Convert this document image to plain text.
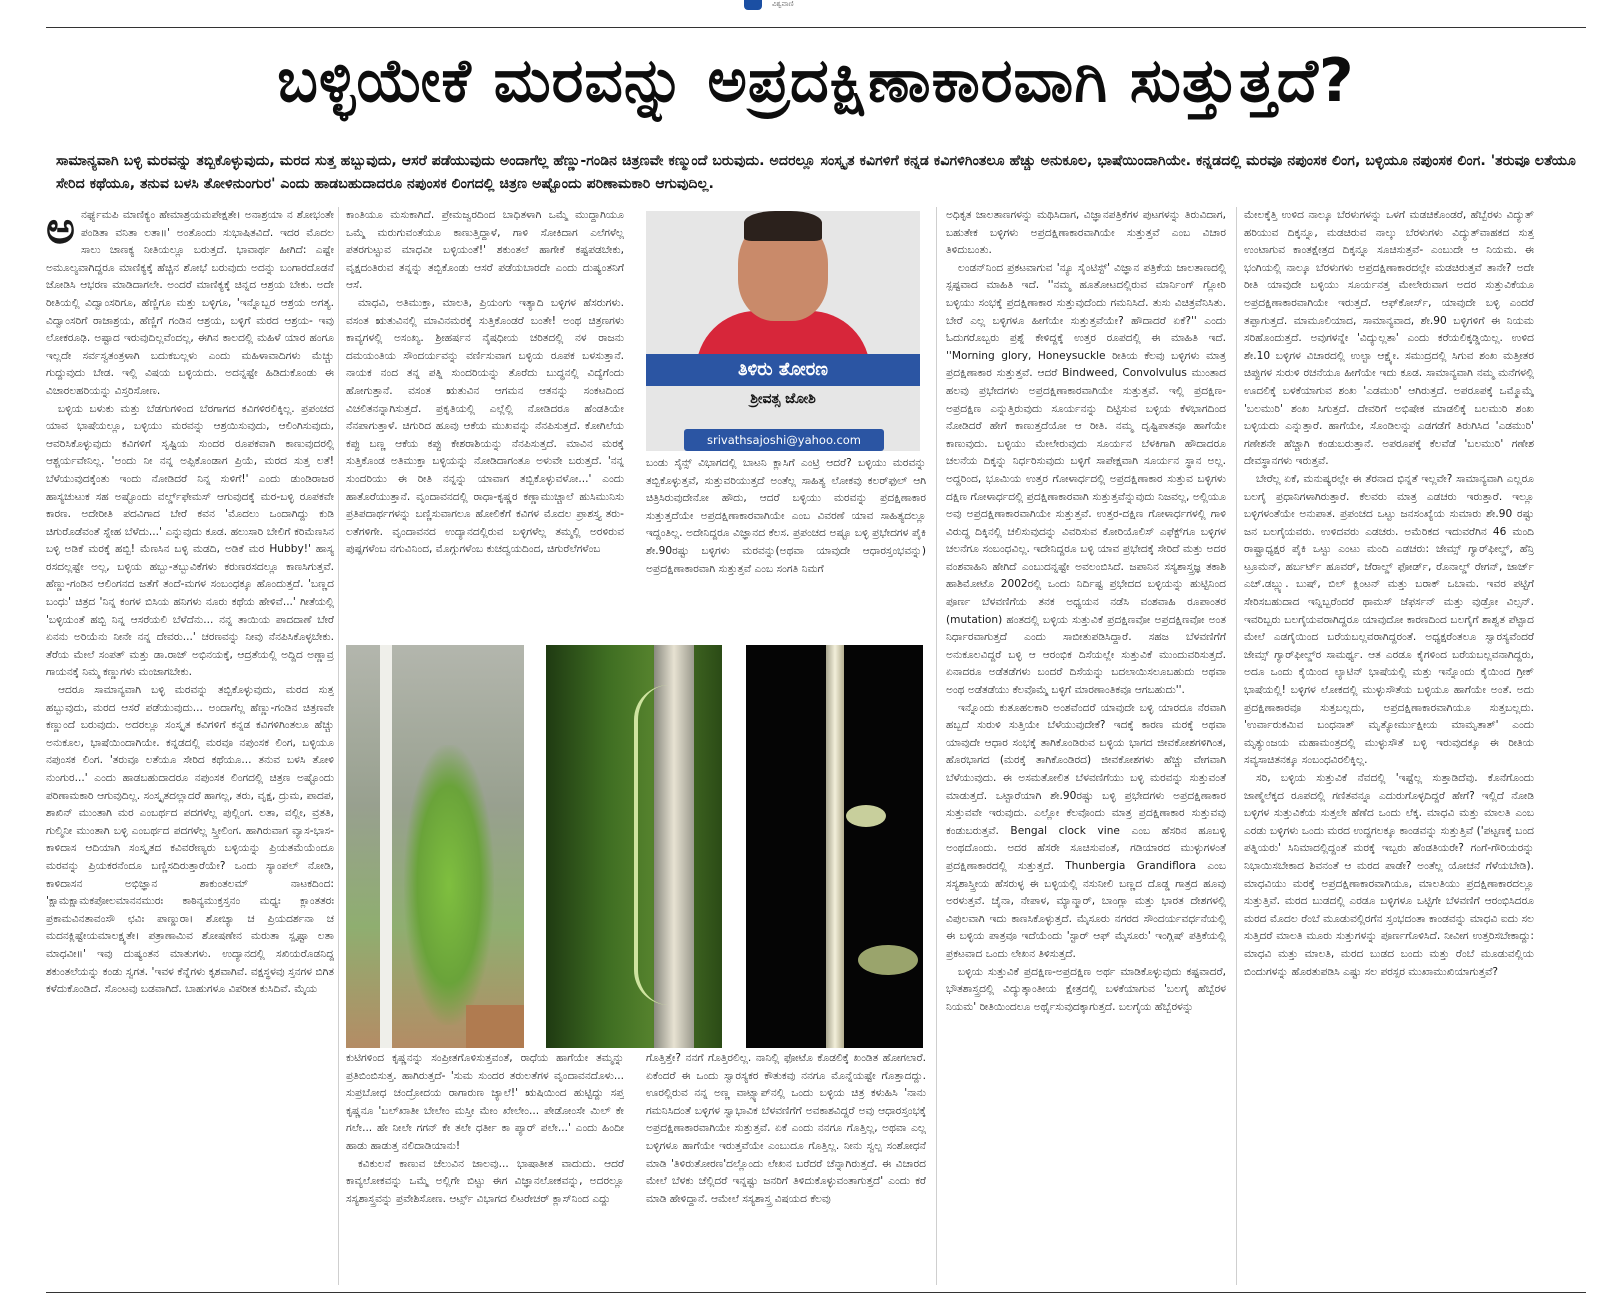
ವಿಶ್ವವಾಣಿ
ಬಳ್ಳಿಯೇಕೆ ಮರವನ್ನು ಅಪ್ರದಕ್ಷಿಣಾಕಾರವಾಗಿ ಸುತ್ತುತ್ತದೆ?
ಸಾಮಾನ್ಯವಾಗಿ ಬಳ್ಳಿ ಮರವನ್ನು ತಬ್ಬಿಕೊಳ್ಳುವುದು, ಮರದ ಸುತ್ತ ಹಬ್ಬುವುದು, ಆಸರೆ ಪಡೆಯುವುದು ಅಂದಾಗೆಲ್ಲ ಹೆಣ್ಣು-ಗಂಡಿನ ಚಿತ್ರಣವೇ ಕಣ್ಮುಂದೆ ಬರುವುದು. ಅದರಲ್ಲೂ ಸಂಸ್ಕೃತ ಕವಿಗಳಿಗೆ ಕನ್ನಡ ಕವಿಗಳಿಗಿಂತಲೂ ಹೆಚ್ಚು ಅನುಕೂಲ, ಭಾಷೆಯಿಂದಾಗಿಯೇ. ಕನ್ನಡದಲ್ಲಿ ಮರವೂ ನಪುಂಸಕ ಲಿಂಗ, ಬಳ್ಳಿಯೂ ನಪುಂಸಕ ಲಿಂಗ. 'ತರುವೂ ಲತೆಯೂ ಸೇರಿದ ಕಥೆಯೂ, ತನುವ ಬಳಸಿ ತೋಳಿನುಂಗುರ' ಎಂದು ಹಾಡಬಹುದಾದರೂ ನಪುಂಸಕ ಲಿಂಗದಲ್ಲಿ ಚಿತ್ರಣ ಅಷ್ಟೊಂದು ಪರಿಣಾಮಕಾರಿ ಆಗುವುದಿಲ್ಲ.

ಅನರ್ಘ್ಯಮಪಿ ಮಾಣಿಕ್ಯಂ ಹೇಮಾಶ್ರಯಮಪೇಕ್ಷತೇ। ಅನಾಶ್ರಯಾ ನ ಶೋಭಂತೇ ಪಂಡಿತಾ ವನಿತಾ ಲತಾ॥' ಅಂತೊಂದು ಸುಭಾಷಿತವಿದೆ. ಇದರ ಮೊದಲ ಸಾಲು ಚಾಣಕ್ಯ ನೀತಿಯಲ್ಲೂ ಬರುತ್ತದೆ. ಭಾವಾರ್ಥ ಹೀಗಿದೆ: ಎಷ್ಟೇ ಅಮೂಲ್ಯವಾಗಿದ್ದರೂ ಮಾಣಿಕ್ಯಕ್ಕೆ ಹೆಚ್ಚಿನ ಶೋಭೆ ಬರುವುದು ಅದನ್ನು ಬಂಗಾರದೊಡನೆ ಜೋಡಿಸಿ ಆಭರಣ ಮಾಡಿದಾಗಲೇ. ಅಂದರೆ ಮಾಣಿಕ್ಯಕ್ಕೆ ಚಿನ್ನದ ಆಶ್ರಯ ಬೇಕು. ಅದೇ ರೀತಿಯಲ್ಲಿ ವಿದ್ವಾಂಸರಿಗೂ, ಹೆಣ್ಣಿಗೂ ಮತ್ತು ಬಳ್ಳಿಗೂ, 'ಇನ್ನೊಬ್ಬರ ಆಶ್ರಯ ಅಗತ್ಯ. ವಿದ್ವಾಂಸರಿಗೆ ರಾಜಾಶ್ರಯ, ಹೆಣ್ಣಿಗೆ ಗಂಡಿನ ಆಶ್ರಯ, ಬಳ್ಳಿಗೆ ಮರದ ಆಶ್ರಯ- ಇವು ಲೋಕರೂಢಿ. ಅಷ್ಟಾದ ಇರುವುದಿಲ್ಲವೆಂದಲ್ಲ, ಈಗಿನ ಕಾಲದಲ್ಲಿ ಮಹಿಳೆ ಯಾರ ಹಂಗೂ ಇಲ್ಲದೇ ಸರ್ವಸ್ವತಂತ್ರಳಾಗಿ ಬದುಕಬಲ್ಲಳು ಎಂದು ಮಹಿಳಾವಾದಿಗಳು ಮೆಚ್ಚು ಗುದ್ದುವುದು ಬೇಡ. ಇಲ್ಲಿ ವಿಷಯ ಬಳ್ಳಿಯದು. ಅದನ್ನಷ್ಟೇ ಹಿಡಿದುಕೊಂಡು ಈ ವಿಚಾರಲಹರಿಯನ್ನು ವಿಸ್ತರಿಸೋಣ.

ಬಳ್ಳಿಯ ಬಳುಕು ಮತ್ತು ಬೆಡಗುಗಳಿಂದ ಬೆರಗಾಗದ ಕವಿಗಳಿರಲಿಕ್ಕಿಲ್ಲ. ಪ್ರಪಂಚದ ಯಾವ ಭಾಷೆಯಲ್ಲೂ, ಬಳ್ಳಿಯು ಮರವನ್ನು ಆಶ್ರಯಿಸುವುದು, ಆಲಿಂಗಿಸುವುದು, ಆವರಿಸಿಕೊಳ್ಳುವುದು ಕವಿಗಳಿಗೆ ಸೃಷ್ಟಿಯ ಸುಂದರ ರೂಪಕವಾಗಿ ಕಾಣುವುದರಲ್ಲಿ ಆಶ್ಚರ್ಯವೇನಿಲ್ಲ. 'ಅಂದು ನೀ ನನ್ನ ಅಪ್ಪಿಕೊಂಡಾಗ ಪ್ರಿಯೆ, ಮರದ ಸುತ್ತ ಲತೆ! ಬೆಳೆಯುವುದಕ್ಕೆಂತು ಇಂದು ನೋಡಿದರೆ ನಿನ್ನ ಸುಳಿಗೆ!' ಎಂದು ಡುಂಡಿರಾಜರ ಹಾಸ್ಯಚುಟುಕ ಸಹ ಅಷ್ಟೊಂದು ವರ್ಲ್ಡ್‌ಫೇಮಸ್ ಆಗುವುದಕ್ಕೆ ಮರ-ಬಳ್ಳಿ ರೂಪಕವೇ ಕಾರಣ. ಅದೇರೀತಿ ಪದವಿಗಾದ ಬೇರೆ ಕವನ 'ಮೊದಲು ಒಂದಾಗಿದ್ದು ಕುಡಿ ಚಿಗುರೊಡೆವಂತೆ ಸ್ನೇಹ ಬೆಳೆದು...' ಎನ್ನುವುದು ಕೂಡ. ಹಲುಸಾರಿ ಬೇಲಿಗೆ ಕರಿಮೆಣಸಿನ ಬಳ್ಳಿ ಅಡಿಕೆ ಮರಕ್ಕೆ ಹಬ್ಬಿ! ಮೆಣಸಿನ ಬಳ್ಳಿ ಮಡದಿ, ಅಡಿಕೆ ಮರ Hubby!' ಹಾಸ್ಯ ರಸದಲ್ಲಷ್ಟೇ ಅಲ್ಲ, ಬಳ್ಳಿಯ ಹಬ್ಬು-ತಬ್ಬುವಿಕೆಗಳು ಕರುಣರಸದಲ್ಲೂ ಕಾಣಸಿಗುತ್ತವೆ. ಹೆಣ್ಣು-ಗಂಡಿನ ಆಲಿಂಗನದ ಜತೆಗೆ ತಂದೆ-ಮಗಳ ಸಂಬಂಧಕ್ಕೂ ಹೊಂದುತ್ತದೆ. 'ಬಣ್ಣದ ಬಂಧು' ಚಿತ್ರದ 'ನಿನ್ನ ಕಂಗಳ ಬಿಸಿಯ ಹನಿಗಳು ನೂರು ಕಥೆಯ ಹೇಳಿವೆ...' ಗೀತೆಯಲ್ಲಿ 'ಬಳ್ಳಿಯಂತೆ ಹಬ್ಬಿ ನಿನ್ನ ಆಸರೆಯಲಿ ಬೆಳೆದೆನು... ನನ್ನ ತಾಯಿಯ ಪಾದದಾಣೆ ಬೇರೆ ಏನನು ಅರಿಯೆನು ನೀನೇ ನನ್ನ ದೇವರು...' ಚರಣವನ್ನು ನೀವು ನೆನಪಿಸಿಕೊಳ್ಳಬೇಕು. ತೆರೆಯ ಮೇಲೆ ಸಂಪತ್ ಮತ್ತು ಡಾ.ರಾಜ್ ಅಭಿನಯಕ್ಕೆ, ಆದ್ರತೆಯಲ್ಲಿ ಅದ್ದಿದ ಅಣ್ಣಾವ್ರ ಗಾಯನಕ್ಕೆ ನಿಮ್ಮ ಕಣ್ಣುಗಳು ಮಂಜಾಗಬೇಕು.

ಆದರೂ ಸಾಮಾನ್ಯವಾಗಿ ಬಳ್ಳಿ ಮರವನ್ನು ತಬ್ಬಿಕೊಳ್ಳುವುದು, ಮರದ ಸುತ್ತ ಹಬ್ಬುವುದು, ಮರದ ಆಸರೆ ಪಡೆಯುವುದು... ಅಂದಾಗೆಲ್ಲ ಹೆಣ್ಣು-ಗಂಡಿನ ಚಿತ್ರಣವೇ ಕಣ್ಣುಂದೆ ಬರುವುದು. ಅದರಲ್ಲೂ ಸಂಸ್ಕೃತ ಕವಿಗಳಿಗೆ ಕನ್ನಡ ಕವಿಗಳಿಗಿಂತಲೂ ಹೆಚ್ಚು ಅನುಕೂಲ, ಭಾಷೆಯಿಂದಾಗಿಯೇ. ಕನ್ನಡದಲ್ಲಿ ಮರವೂ ನಪುಂಸಕ ಲಿಂಗ, ಬಳ್ಳಿಯೂ ನಪುಂಸಕ ಲಿಂಗ. 'ತರುವೂ ಲತೆಯೂ ಸೇರಿದ ಕಥೆಯೂ... ತನುವ ಬಳಸಿ ತೋಳಿ ನುಂಗುರ...' ಎಂದು ಹಾಡಬಹುದಾದರೂ ನಪುಂಸಕ ಲಿಂಗದಲ್ಲಿ ಚಿತ್ರಣ ಅಷ್ಟೊಂದು ಪರಿಣಾಮಕಾರಿ ಆಗುವುದಿಲ್ಲ. ಸಂಸ್ಕೃತದಲ್ಲಾದರೆ ಹಾಗಲ್ಲ, ತರು, ವೃಕ್ಷ, ದ್ರುಮ, ಪಾದಪ, ಶಾಖಿನ್ ಮುಂತಾಗಿ ಮರ ಎಂಬರ್ಥದ ಪದಗಳೆಲ್ಲ ಪುಲ್ಲಿಂಗ. ಲತಾ, ವಲ್ಲೀ, ವ್ರತತಿ, ಗುಲ್ಮಿನೀ ಮುಂತಾಗಿ ಬಳ್ಳಿ ಎಂಬರ್ಥದ ಪದಗಳೆಲ್ಲ ಸ್ತ್ರೀಲಿಂಗ. ಹಾಗಿರುವಾಗ ವ್ಯಾಸ-ಭಾಸ-ಕಾಳಿದಾಸ ಆದಿಯಾಗಿ ಸಂಸ್ಕೃತದ ಕವಿವರೇಣ್ಯರು ಬಳ್ಳಿಯನ್ನು ಪ್ರಿಯತಮೆಯೆಂದೂ ಮರವನ್ನು ಪ್ರಿಯಕರನೆಂದೂ ಬಣ್ಣಿಸದಿರುತ್ತಾರೆಯೇ? ಒಂದು ಸ್ಯಾಂಪಲ್ ನೋಡಿ, ಕಾಳಿದಾಸನ ಅಭಿಜ್ಞಾನ ಶಾಕುಂತಲಮ್ ನಾಟಕದಿಂದ: 'ಕ್ಷಾಮಕ್ಷಾಮಕಪೋಲಮಾನನಮುರಃ ಕಾಠಿನ್ಯಮುಕ್ತಸ್ತನಂ ಮಧ್ಯಃ ಕ್ಲಾಂತತರಃ ಪ್ರಕಾಮವಿನತಾವಂಸೌ ಛವಿಃ ಪಾಣ್ಡುರಾ। ಶೋಚ್ಯಾ ಚ ಪ್ರಿಯದರ್ಶನಾ ಚ ಮದನಕ್ಲಿಷ್ಟೇಯಮಾಲಕ್ಷ್ಯತೇ। ಪತ್ರಾಣಾಮಿವ ಶೋಷಣೇನ ಮರುತಾ ಸ್ಪೃಷ್ಟಾ ಲತಾ ಮಾಧವೀ॥' ಇವು ದುಷ್ಯಂತನ ಮಾತುಗಳು. ಉದ್ಯಾನದಲ್ಲಿ ಸಖಿಯರೊಡನಿದ್ದ ಶಕುಂತಲೆಯನ್ನು ಕಂಡು ಸ್ವಗತ. 'ಇವಳ ಕೆನ್ನೆಗಳು ಕೃಶವಾಗಿವೆ. ವಕ್ಷಸ್ಥಳವು ಸ್ತನಗಳ ಬಿಗಿತ ಕಳೆದುಕೊಂಡಿದೆ. ಸೊಂಟವು ಬಡವಾಗಿದೆ. ಬಾಹುಗಳೂ ವಿಪರೀತ ಕುಸಿದಿವೆ. ಮೈಯ

ಕಾಂತಿಯೂ ಮಸುಕಾಗಿದೆ. ಪ್ರೇಮಜ್ವರದಿಂದ ಬಾಧಿತಳಾಗಿ ಒಮ್ಮೆ ಮುದ್ದಾಗಿಯೂ ಒಮ್ಮೆ ಮರುಗುವಂತೆಯೂ ಕಾಣುತ್ತಿದ್ದಾಳೆ, ಗಾಳಿ ಸೋಕಿದಾಗ ಎಲೆಗಳೆಲ್ಲ ಪತರಗುಟ್ಟುವ ಮಾಧವೀ ಬಳ್ಳಿಯಂತೆ!' ಶಕುಂತಲೆ ಹಾಗೇಕೆ ಕಷ್ಟಪಡಬೇಕು, ವೃಕ್ಷದಂತಿರುವ ತನ್ನನ್ನು ತಬ್ಬಿಕೊಂಡು ಆಸರೆ ಪಡೆಯಬಾರದೇ ಎಂದು ದುಷ್ಯಂತನಿಗೆ ಆಸೆ.

ಮಾಧವಿ, ಅತಿಮುಕ್ತಾ, ಮಾಲತಿ, ಪ್ರಿಯಂಗು ಇತ್ಯಾದಿ ಬಳ್ಳಿಗಳ ಹೆಸರುಗಳು. ವಸಂತ ಋತುವಿನಲ್ಲಿ ಮಾವಿನಮರಕ್ಕೆ ಸುತ್ತಿಕೊಂಡರೆ ಬಂತೇ! ಅಂಥ ಚಿತ್ರಣಗಳು ಕಾವ್ಯಗಳಲ್ಲಿ ಅಸಂಖ್ಯ. ಶ್ರೀಹರ್ಷನ ನೈಷಧೀಯ ಚರಿತದಲ್ಲಿ ನಳ ರಾಜನು ದಮಯಂತಿಯ ಸೌಂದರ್ಯವನ್ನು ವರ್ಣಿಸುವಾಗ ಬಳ್ಳಿಯ ರೂಪಕ ಬಳಸುತ್ತಾನೆ. ನಾಯಕ ನಂದ ತನ್ನ ಪತ್ನಿ ಸುಂದರಿಯನ್ನು ತೊರೆದು ಬುದ್ಧನಲ್ಲಿ ವಿದ್ಯೆಗೆಂದು ಹೋಗುತ್ತಾನೆ. ವಸಂತ ಋತುವಿನ ಆಗಮನ ಆತನನ್ನು ಸಂಕಟದಿಂದ ವಿಚಲಿತನನ್ನಾಗಿಸುತ್ತದೆ. ಪ್ರಕೃತಿಯಲ್ಲಿ ಎಲ್ಲೆಲ್ಲಿ ನೋಡಿದರೂ ಹೆಂಡತಿಯೇ ನೆನಪಾಗುತ್ತಾಳೆ. ಚಿಗುರಿದ ಹೂವು ಆಕೆಯ ಮುಖವನ್ನು ನೆನಪಿಸುತ್ತದೆ. ಕೋಗಿಲೆಯ ಕಪ್ಪು ಬಣ್ಣ ಆಕೆಯ ಕಪ್ಪು ಕೇಶರಾಶಿಯನ್ನು ನೆನಪಿಸುತ್ತದೆ. ಮಾವಿನ ಮರಕ್ಕೆ ಸುತ್ತಿಕೊಂಡ ಅತಿಮುಕ್ತಾ ಬಳ್ಳಿಯನ್ನು ನೋಡಿದಾಗಂತೂ ಅಳುವೇ ಬರುತ್ತದೆ. 'ನನ್ನ ಸುಂದರಿಯು ಈ ರೀತಿ ನನ್ನನ್ನು ಯಾವಾಗ ತಬ್ಬಿಕೊಳ್ಳುವಳೋ...' ಎಂದು ಹಾತೊರೆಯುತ್ತಾನೆ. ವೃಂದಾವನದಲ್ಲಿ ರಾಧಾ-ಕೃಷ್ಣರ ಕಣ್ಣಾಮುಚ್ಚಾಲೆ ಹುಸಿಮುನಿಸು ಪ್ರತಿಪದಾರ್ಥಗಳನ್ನು ಬಣ್ಣಿಸುವಾಗಲೂ ಹೋಲಿಕೆಗೆ ಕವಿಗಳ ಮೊದಲ ಪ್ರಾಶಸ್ತ್ಯ ತರು-ಲತೆಗಳಿಗೇ. ವೃಂದಾವನದ ಉದ್ಯಾನದಲ್ಲಿರುವ ಬಳ್ಳಿಗಳೆಲ್ಲ ತಮ್ಮಲ್ಲಿ ಅರಳಿರುವ ಪುಷ್ಪಗಳೆಂಬ ನಗುವಿನಿಂದ, ಮೊಗ್ಗುಗಳೆಂಬ ಕುಚದ್ವಯದಿಂದ, ಚಿಗುರೆಲೆಗಳೆಂಬ

ತಿಳಿರು ತೋರಣ
ಶ್ರೀವತ್ಸ ಜೋಶಿ
srivathsajoshi@yahoo.com

ಬಂಡು ಸೈನ್ಸ್ ವಿಭಾಗದಲ್ಲಿ ಬಾಟನಿ ಕ್ಲಾಸಿಗೆ ಎಂಟ್ರಿ ಆದರೆ? ಬಳ್ಳಿಯು ಮರವನ್ನು ತಬ್ಬಿಕೊಳ್ಳುತ್ತವೆ, ಸುತ್ತುವರಿಯುತ್ತದೆ ಅಂತೆಲ್ಲ ಸಾಹಿತ್ಯ ಲೋಕವು ಕಲರ್‌ಫುಲ್ ಆಗಿ ಚಿತ್ರಿಸಿರುವುದೇನೋ ಹೌದು, ಆದರೆ ಬಳ್ಳಿಯು ಮರವನ್ನು ಪ್ರದಕ್ಷಿಣಾಕಾರ ಸುತ್ತುತ್ತದೆಯೇ ಅಪ್ರದಕ್ಷಿಣಾಕಾರವಾಗಿಯೇ ಎಂಬ ವಿವರಣೆ ಯಾವ ಸಾಹಿತ್ಯದಲ್ಲೂ ಇದ್ದಂತಿಲ್ಲ. ಅದೇನಿದ್ದರೂ ವಿಜ್ಞಾನದ ಕೆಲಸ. ಪ್ರಪಂಚದ ಅಷ್ಟೂ ಬಳ್ಳಿ ಪ್ರಭೇದಗಳ ಪೈಕಿ ಶೇ.90ರಷ್ಟು ಬಳ್ಳಿಗಳು ಮರವನ್ನು(ಅಥವಾ ಯಾವುದೇ ಆಧಾರಸ್ತಂಭವನ್ನು) ಅಪ್ರದಕ್ಷಿಣಾಕಾರವಾಗಿ ಸುತ್ತುತ್ತವೆ ಎಂಬ ಸಂಗತಿ ನಿಮಗೆ

ಕುಟಿಗಳಿಂದ ಕೃಷ್ಣನನ್ನು ಸಂಪ್ರೀತಗೊಳಿಸುತ್ತವಂತೆ, ರಾಧೆಯ ಹಾಗೆಯೇ ತಮ್ಮನ್ನು ಪ್ರತಿಬಿಂಬಿಸುತ್ತ. ಹಾಗಿರುತ್ತದೆ- 'ಸುಮ ಸುಂದರ ತರುಲತೆಗಳ ವೃಂದಾವನದೊಳು... ಸುಪ್ರಬೋಧ ಚಂದ್ರೋದಯ ರಾಗಾರುಣ ಜ್ಯಾಲೆ!' ಋಷಿಯಿಂದ ಹುಟ್ಟಿದ್ದು ಸಪ್ತ ಕೃಷ್ಣನೂ 'ಬಲ್‌ಖಾತೀ ಬೇಲೇಂ ಮಸ್ತೀ ಮೇಂ ಖೇಲೇಂ... ಪೇಡೋಂಸೇ ಮಿಲ್ ಕೇ ಗಲೇ... ಹೇ ನೀಲೇ ಗಗನ್ ಕೇ ತಲೇ ಧರ್ತೀ ಕಾ ಪ್ಯಾರ್ ಪಲೇ...' ಎಂದು ಹಿಂದೀ ಹಾಡು ಹಾಡುತ್ತ ನಲಿದಾಡಿಯಾನು!

ಕವಿಕುಲನೆ ಕಾಣುವ ಚೆಲುವಿನ ಜಾಲವು... ಭಾಷಾತೀತ ವಾದುದು. ಆದರೆ ಕಾವ್ಯಲೋಕವನ್ನು ಒಮ್ಮೆ ಅಲ್ಲಿಗೇ ಬಿಟ್ಟು ಈಗ ವಿಜ್ಞಾನಲೋಕವನ್ನು, ಅದರಲ್ಲೂ ಸಸ್ಯಶಾಸ್ತ್ರವನ್ನು ಪ್ರವೇಶಿಸೋಣ. ಆರ್ಟ್ಸ್ ವಿಭಾಗದ ಲಿಟರೇಚರ್ ಕ್ಲಾಸ್‌ನಿಂದ ಎದ್ದು

ಗೊತ್ತಿತ್ತೇ? ನನಗೆ ಗೊತ್ತಿರಲಿಲ್ಲ. ನಾನಿಲ್ಲಿ ಫೋಟೊ ಕೊಡಲಿಕ್ಕೆ ಖಂಡಿತ ಹೋಗಲಾರೆ. ಏಕೆಂದರೆ ಈ ಒಂದು ಸ್ವಾರಸ್ಯಕರ ಕೌತುಕವು ನನಗೂ ಮೊನ್ನೆಯಷ್ಟೇ ಗೊತ್ತಾದದ್ದು. ಊರಲ್ಲಿರುವ ನನ್ನ ಅಣ್ಣ ವಾಟ್ಸ್ಯಾಪ್‌ನಲ್ಲಿ ಒಂದು ಬಳ್ಳಿಯ ಚಿತ್ರ ಕಳುಹಿಸಿ 'ನಾನು ಗಮನಿಸಿದಂತೆ ಬಳ್ಳಿಗಳ ಸ್ವಾಭಾವಿಕ ಬೆಳವಣಿಗೆಗೆ ಅವಕಾಶವಿದ್ದರೆ ಅವು ಆಧಾರಸ್ತಂಭಕ್ಕೆ ಅಪ್ರದಕ್ಷಿಣಾಕಾರವಾಗಿಯೇ ಸುತ್ತುತ್ತವೆ. ಏಕೆ ಎಂದು ನನಗೂ ಗೊತ್ತಿಲ್ಲ, ಅಥವಾ ಎಲ್ಲ ಬಳ್ಳಿಗಳೂ ಹಾಗೆಯೇ ಇರುತ್ತವೆಯೇ ಎಂಬುದೂ ಗೊತ್ತಿಲ್ಲ. ನೀನು ಸ್ವಲ್ಪ ಸಂಶೋಧನೆ ಮಾಡಿ 'ತಿಳಿರುತೋರಣ'ದಲ್ಲೊಂದು ಲೇಖನ ಬರೆದರೆ ಚೆನ್ನಾಗಿರುತ್ತದೆ. ಈ ವಿಚಾರದ ಮೇಲೆ ಬೆಳಕು ಚೆಲ್ಲಿದರೆ ಇನ್ನಷ್ಟು ಜನರಿಗೆ ತಿಳಿದುಕೊಳ್ಳುವಂತಾಗುತ್ತದೆ' ಎಂದು ಕರೆ ಮಾಡಿ ಹೇಳಿದ್ದಾನೆ. ಆಮೇಲೆ ಸಸ್ಯಶಾಸ್ತ್ರ ವಿಷಯದ ಕೆಲವು

ಅಧಿಕೃತ ಜಾಲತಾಣಗಳನ್ನು ಮಥಿಸಿದಾಗ, ವಿಜ್ಞಾನಪತ್ರಿಕೆಗಳ ಪುಟಗಳನ್ನು ತಿರುವಿದಾಗ, ಬಹುತೇಕ ಬಳ್ಳಿಗಳು ಅಪ್ರದಕ್ಷಿಣಾಕಾರವಾಗಿಯೇ ಸುತ್ತುತ್ತವೆ ಎಂಬ ವಿಚಾರ ತಿಳಿದುಬಂತು.

ಲಂಡನ್‌ನಿಂದ ಪ್ರಕಟವಾಗುವ 'ನ್ಯೂ ಸೈಂಟಿಸ್ಟ್' ವಿಜ್ಞಾನ ಪತ್ರಿಕೆಯ ಜಾಲತಾಣದಲ್ಲಿ ಸ್ಪಷ್ಟವಾದ ಮಾಹಿತಿ ಇದೆ. ''ನಮ್ಮ ಹೂತೋಟದಲ್ಲಿರುವ ಮಾರ್ನಿಂಗ್ ಗ್ಲೋರಿ ಬಳ್ಳಿಯು ಸಂಭಕ್ಕೆ ಪ್ರದಕ್ಷಿಣಾಕಾರ ಸುತ್ತುವುದೆಂದು ಗಮನಿಸಿದೆ. ತುಸು ವಿಚಿತ್ರವೆನಿಸಿತು. ಬೇರೆ ಎಲ್ಲ ಬಳ್ಳಿಗಳೂ ಹೀಗೆಯೇ ಸುತ್ತುತ್ತವೆಯೇ? ಹೌದಾದರೆ ಏಕೆ?'' ಎಂದು ಓದುಗರೊಬ್ಬರು ಪ್ರಶ್ನೆ ಕೇಳಿದ್ದಕ್ಕೆ ಉತ್ತರ ರೂಪದಲ್ಲಿ ಈ ಮಾಹಿತಿ ಇದೆ. ''Morning glory, Honeysuckle ರೀತಿಯ ಕೆಲವು ಬಳ್ಳಿಗಳು ಮಾತ್ರ ಪ್ರದಕ್ಷಿಣಾಕಾರ ಸುತ್ತುತ್ತವೆ. ಆದರೆ Bindweed, Convolvulus ಮುಂತಾದ ಹಲವು ಪ್ರಭೇದಗಳು ಅಪ್ರದಕ್ಷಿಣಾಕಾರವಾಗಿಯೇ ಸುತ್ತುತ್ತವೆ. ಇಲ್ಲಿ ಪ್ರದಕ್ಷಿಣ-ಅಪ್ರದಕ್ಷಿಣ ಎನ್ನುತ್ತಿರುವುದು ಸೂರ್ಯನನ್ನು ದಿಟ್ಟಿಸುವ ಬಳ್ಳಿಯ ಕೆಳಭಾಗದಿಂದ ನೋಡಿದರೆ ಹೇಗೆ ಕಾಣುತ್ತದೆಯೋ ಆ ರೀತಿ. ನಮ್ಮ ದೃಷ್ಟಿಪಾತವೂ ಹಾಗೆಯೇ ಕಾಣುವುದು. ಬಳ್ಳಿಯು ಮೇಲೇರುವುದು ಸೂರ್ಯನ ಬೆಳಕಿಗಾಗಿ ಹೌದಾದರೂ ಚಲನೆಯ ದಿಕ್ಕನ್ನು ನಿರ್ಧರಿಸುವುದು ಬಳ್ಳಿಗೆ ಸಾಪೇಕ್ಷವಾಗಿ ಸೂರ್ಯನ ಸ್ಥಾನ ಅಲ್ಲ. ಅದ್ದರಿಂದ, ಭೂಮಿಯ ಉತ್ತರ ಗೋಳಾರ್ಧದಲ್ಲಿ ಅಪ್ರದಕ್ಷಿಣಾಕಾರ ಸುತ್ತುವ ಬಳ್ಳಿಗಳು ದಕ್ಷಿಣ ಗೋಳಾರ್ಧದಲ್ಲಿ ಪ್ರದಕ್ಷಿಣಾಕಾರವಾಗಿ ಸುತ್ತುತ್ತವೆನ್ನುವುದು ನಿಜವಲ್ಲ, ಅಲ್ಲಿಯೂ ಅವು ಅಪ್ರದಕ್ಷಿಣಾಕಾರವಾಗಿಯೇ ಸುತ್ತುತ್ತವೆ. ಉತ್ತರ-ದಕ್ಷಿಣ ಗೋಳಾರ್ಧಗಳಲ್ಲಿ ಗಾಳಿ ವಿರುದ್ಧ ದಿಕ್ಕಿನಲ್ಲಿ ಚಲಿಸುವುದನ್ನು ವಿವರಿಸುವ ಕೋರಿಯೊಲಿಸ್ ಎಫೆಕ್ಟ್‌ಗೂ ಬಳ್ಳಿಗಳ ಚಲನೆಗೂ ಸಂಬಂಧವಿಲ್ಲ. ಇದೇನಿದ್ದರೂ ಬಳ್ಳಿ ಯಾವ ಪ್ರಭೇದಕ್ಕೆ ಸೇರಿದೆ ಮತ್ತು ಅದರ ವಂಶವಾಹಿನಿ ಹೇಗಿದೆ ಎಂಬುದನ್ನಷ್ಟೇ ಅವಲಂಬಿಸಿದೆ. ಜಪಾನಿನ ಸಸ್ಯಶಾಸ್ತ್ರಜ್ಞ ತಕಾಶಿ ಹಾಶಿಮೋಟೊ 2002ರಲ್ಲಿ ಒಂದು ನಿರ್ದಿಷ್ಟ ಪ್ರಭೇದದ ಬಳ್ಳಿಯನ್ನು ಹುಟ್ಟಿನಿಂದ ಪೂರ್ಣ ಬೆಳವಣಿಗೆಯ ತನಕ ಅಧ್ಯಯನ ನಡೆಸಿ ವಂಶವಾಹಿ ರೂಪಾಂತರ (mutation) ಹಂತದಲ್ಲಿ ಬಳ್ಳಿಯ ಸುತ್ತುವಿಕೆ ಪ್ರದಕ್ಷಿಣವೋ ಅಪ್ರದಕ್ಷಿಣವೋ ಅಂತ ನಿರ್ಧಾರವಾಗುತ್ತದೆ ಎಂದು ಸಾಬೀತುಪಡಿಸಿದ್ದಾರೆ. ಸಹಜ ಬೆಳವಣಿಗೆಗೆ ಅನುಕೂಲವಿದ್ದರೆ ಬಳ್ಳಿ ಆ ಆರಂಭಿಕ ದಿಸೆಯಲ್ಲೇ ಸುತ್ತುವಿಕೆ ಮುಂದುವರಿಸುತ್ತದೆ. ಏನಾದರೂ ಅಡೆತಡೆಗಳು ಬಂದರೆ ದಿಸೆಯನ್ನು ಬದಲಾಯಿಸಲೂಬಹುದು ಅಥವಾ ಅಂಥ ಅಡೆತಡೆಯು ಕೆಲವೊಮ್ಮೆ ಬಳ್ಳಿಗೆ ಮಾರಣಾಂತಿಕವೂ ಆಗಬಹುದು''.

ಇನ್ನೊಂದು ಕುತೂಹಲಕಾರಿ ಅಂಶವೆಂದರೆ ಯಾವುದೇ ಬಳ್ಳಿ ಯಾರದೂ ನೆರವಾಗಿ ಹಬ್ಬದೆ ಸುರುಳಿ ಸುತ್ತಿಯೇ ಬೆಳೆಯುವುದೇಕೆ? ಇದಕ್ಕೆ ಕಾರಣ ಮರಕ್ಕೆ ಅಥವಾ ಯಾವುದೇ ಆಧಾರ ಸಂಭಕ್ಕೆ ತಾಗಿಕೊಂಡಿರುವ ಬಳ್ಳಿಯ ಭಾಗದ ಜೀವಕೋಶಗಳಿಗಿಂತ, ಹೊರಭಾಗದ (ಮರಕ್ಕೆ ತಾಗಿಕೊಂಡಿರದ) ಜೀವಕೋಶಗಳು ಹೆಚ್ಚು ವೇಗವಾಗಿ ಬೆಳೆಯುವುದು. ಈ ಅಸಮತೋಲಿತ ಬೆಳವಣಿಗೆಯು ಬಳ್ಳಿ ಮರವನ್ನು ಸುತ್ತುವಂತೆ ಮಾಡುತ್ತದೆ. ಒಟ್ಟಾರೆಯಾಗಿ ಶೇ.90ರಷ್ಟು ಬಳ್ಳಿ ಪ್ರಭೇದಗಳು ಅಪ್ರದಕ್ಷಿಣಾಕಾರ ಸುತ್ತುವವೇ ಇರುವುದು. ಎಲ್ಲೋ ಕೆಲವೊಂದು ಮಾತ್ರ ಪ್ರದಕ್ಷಿಣಾಕಾರ ಸುತ್ತುವವು ಕಂಡುಬರುತ್ತವೆ. Bengal clock vine ಎಂಬ ಹೆಸರಿನ ಹೂಬಳ್ಳಿ ಅಂಥದೊಂದು. ಅದರ ಹೆಸರೇ ಸೂಚಿಸುವಂತೆ, ಗಡಿಯಾರದ ಮುಳ್ಳುಗಳಂತೆ ಪ್ರದಕ್ಷಿಣಾಕಾರದಲ್ಲಿ ಸುತ್ತುತ್ತದೆ. Thunbergia Grandiflora ಎಂಬ ಸಸ್ಯಶಾಸ್ತ್ರೀಯ ಹೆಸರುಳ್ಳ ಈ ಬಳ್ಳಿಯಲ್ಲಿ ನಸುನೀಲಿ ಬಣ್ಣದ ದೊಡ್ಡ ಗಾತ್ರದ ಹೂವು ಅರಳುತ್ತವೆ. ಚೈನಾ, ನೇಪಾಳ, ಮ್ಯಾನ್ಮಾರ್, ಬಾಂಗ್ಲಾ ಮತ್ತು ಭಾರತ ದೇಶಗಳಲ್ಲಿ ವಿಪುಲವಾಗಿ ಇದು ಕಾಣಸಿಕೊಳ್ಳುತ್ತದೆ. ಮೈಸೂರು ನಗರದ ಸೌಂದರ್ಯವರ್ಧನೆಯಲ್ಲಿ ಈ ಬಳ್ಳಿಯ ಪಾತ್ರವೂ ಇದೆಯೆಂದು 'ಸ್ಟಾರ್ ಆಫ್ ಮೈಸೂರು' ಇಂಗ್ಲಿಷ್ ಪತ್ರಿಕೆಯಲ್ಲಿ ಪ್ರಕಟವಾದ ಒಂದು ಲೇಖನ ತಿಳಿಸುತ್ತದೆ.

ಬಳ್ಳಿಯ ಸುತ್ತುವಿಕೆ ಪ್ರದಕ್ಷಿಣ-ಅಪ್ರದಕ್ಷಿಣ ಅರ್ಥ ಮಾಡಿಕೊಳ್ಳುವುದು ಕಷ್ಟವಾದರೆ, ಭೌತಶಾಸ್ತ್ರದಲ್ಲಿ ವಿದ್ಯುತ್ಕಾಂತೀಯ ಕ್ಷೇತ್ರದಲ್ಲಿ ಬಳಕೆಯಾಗುವ 'ಬಲಗೈ ಹೆಬ್ಬೆರಳ ನಿಯಮ' ರೀತಿಯಿಂದಲೂ ಅರ್ಥೈಸುವುದಕ್ಕಾಗುತ್ತದೆ. ಬಲಗೈಯ ಹೆಬ್ಬೆರಳನ್ನು

ಮೇಲಕ್ಕೆತ್ತಿ ಉಳಿದ ನಾಲ್ಕೂ ಬೆರಳುಗಳನ್ನು ಒಳಗೆ ಮಡಚಿಕೊಂಡರೆ, ಹೆಬ್ಬೆರಳು ವಿದ್ಯುತ್ ಹರಿಯುವ ದಿಕ್ಕನ್ನೂ, ಮಡಚಿರುವ ನಾಲ್ಕು ಬೆರಳುಗಳು ವಿದ್ಯುತ್‌ವಾಹಕದ ಸುತ್ತ ಉಂಟಾಗುವ ಕಾಂತಕ್ಷೇತ್ರದ ದಿಕ್ಕನ್ನೂ ಸೂಚಿಸುತ್ತವೆ- ಎಂಬುದೇ ಆ ನಿಯಮ. ಈ ಭಂಗಿಯಲ್ಲಿ ನಾಲ್ಕೂ ಬೆರಳುಗಳು ಅಪ್ರದಕ್ಷಿಣಾಕಾರದಲ್ಲೇ ಮಡಚಿರುತ್ತವೆ ತಾನೇ? ಅದೇ ರೀತಿ ಯಾವುದೇ ಬಳ್ಳಿಯು ಸೂರ್ಯನತ್ತ ಮೇಲೇರುವಾಗ ಅದರ ಸುತ್ತುವಿಕೆಯೂ ಅಪ್ರದಕ್ಷಿಣಾಕಾರವಾಗಿಯೇ ಇರುತ್ತದೆ. ಆಫ್‌ಕೋರ್ಸ್, ಯಾವುದೇ ಬಳ್ಳಿ ಎಂದರೆ ತಪ್ಪಾಗುತ್ತದೆ. ಮಾಮೂಲಿಯಾದ, ಸಾಮಾನ್ಯವಾದ, ಶೇ.90 ಬಳ್ಳಿಗಳಿಗೆ ಈ ನಿಯಮ ಸರಿಹೊಂದುತ್ತದೆ. ಅವುಗಳನ್ನೇ 'ವಿದ್ಯುಲ್ಲತಾ' ಎಂದು ಕರೆಯಲಿಕ್ಕಡ್ಡಿಯಿಲ್ಲ. ಉಳಿದ ಶೇ.10 ಬಳ್ಳಿಗಳ ವಿಚಾರದಲ್ಲಿ ಉಲ್ಟಾ ಆಕ್ಷ್ಯೇ. ಸಮುದ್ರದಲ್ಲಿ ಸಿಗುವ ಶಂಖ ಮತ್ತೀತರ ಚಿಪ್ಪುಗಳ ಸುರುಳಿ ರಚನೆಯೂ ಹೀಗೆಯೇ ಇದು ಕೂಡ. ಸಾಮಾನ್ಯವಾಗಿ ನಮ್ಮ ಮನೆಗಳಲ್ಲಿ ಊದಲಿಕ್ಕೆ ಬಳಕೆಯಾಗುವ ಶಂಖ 'ಎಡಮುರಿ' ಆಗಿರುತ್ತದೆ. ಅಪರೂಪಕ್ಕೆ ಒಮ್ಮೊಮ್ಮೆ 'ಬಲಮುರಿ' ಶಂಖ ಸಿಗುತ್ತದೆ. ದೇವರಿಗೆ ಅಭಿಷೇಕ ಮಾಡಲಿಕ್ಕೆ ಬಲಮುರಿ ಶಂಖ ಬಳ್ಳಿಯದು ಎನ್ನುತ್ತಾರೆ. ಹಾಗೆಯೇ, ಸೊಂಡಿಲನ್ನು ಎಡಗಡೆಗೆ ತಿರುಗಿಸಿದ 'ಎಡಮುರಿ' ಗಣೇಶನೇ ಹೆಚ್ಚಾಗಿ ಕಂಡುಬರುತ್ತಾನೆ. ಅಪರೂಪಕ್ಕೆ ಕೆಲವೆಡೆ 'ಬಲಮುರಿ' ಗಣೇಶ ದೇವಸ್ಥಾನಗಳು ಇರುತ್ತವೆ.

ಬೇರೆಲ್ಲ ಏಕೆ, ಮನುಷ್ಯರಲ್ಲೇ ಈ ತೆರನಾದ ಭಿನ್ನತೆ ಇಲ್ಲವೇ? ಸಾಮಾನ್ಯವಾಗಿ ಎಲ್ಲರೂ ಬಲಗೈ ಪ್ರಧಾನಿಗಳಾಗಿರುತ್ತಾರೆ. ಕೆಲವರು ಮಾತ್ರ ಎಡಚರು ಇರುತ್ತಾರೆ. ಇಲ್ಲೂ ಬಳ್ಳಿಗಳಂತೆಯೇ ಅನುಪಾತ. ಪ್ರಪಂಚದ ಒಟ್ಟು ಜನಸಂಖ್ಯೆಯ ಸುಮಾರು ಶೇ.90 ರಷ್ಟು ಜನ ಬಲಗೈಯವರು. ಉಳಿದವರು ಎಡಚರು. ಅಮೆರಿಕದ ಇದುವರೆಗಿನ 46 ಮಂದಿ ರಾಷ್ಟ್ರಾಧ್ಯಕ್ಷರ ಪೈಕಿ ಒಟ್ಟು ಎಂಟು ಮಂದಿ ಎಡಚರು: ಜೇಮ್ಸ್ ಗ್ಯಾರ್‌ಫೀಲ್ಡ್, ಹೆನ್ರಿ ಟ್ರೂಮನ್, ಹರ್ಬರ್ಟ್ ಹೂವರ್, ಜೆರಾಲ್ಡ್ ಫೋರ್ಡ್, ರೊನಾಲ್ಡ್ ರೇಗನ್, ಜಾರ್ಜ್ ಎಚ್.ಡಬ್ಲ್ಯು. ಬುಷ್, ಬಿಲ್ ಕ್ಲಿಂಟನ್ ಮತ್ತು ಬರಾಕ್ ಒಬಾಮ. ಇವರ ಪಟ್ಟಿಗೆ ಸೇರಿಸಬಹುದಾದ ಇನ್ನಿಬ್ಬರೆಂದರೆ ಥಾಮಸ್ ಜೆಫರ್ಸನ್ ಮತ್ತು ವುಡ್ರೋ ವಿಲ್ಸನ್. ಇವರಿಬ್ಬರು ಬಲಗೈಯವರಾಗಿದ್ದರೂ ಯಾವುದೋ ಕಾರಣದಿಂದ ಬಲಗೈಗೆ ಶಾಶ್ವತ ಪೆಟ್ಟಾದ ಮೇಲೆ ಎಡಗೈಯಿಂದ ಬರೆಯಬಲ್ಲವರಾಗಿದ್ದರಂತೆ. ಅಧ್ಯಕ್ಷರೆಂತಲೂ ಸ್ವಾರಸ್ಯವೆಂದರೆ ಜೇಮ್ಸ್ ಗ್ಯಾರ್‌ಫೀಲ್ಡ್‌ರ ಸಾಮರ್ಥ್ಯ. ಆತ ಎರಡೂ ಕೈಗಳಿಂದ ಬರೆಯಬಲ್ಲವನಾಗಿದ್ದರು, ಅದೂ ಒಂದು ಕೈಯಿಂದ ಲ್ಯಾಟಿನ್ ಭಾಷೆಯಲ್ಲಿ ಮತ್ತು ಇನ್ನೊಂದು ಕೈಯಿಂದ ಗ್ರೀಕ್ ಭಾಷೆಯಲ್ಲಿ! ಬಳ್ಳಿಗಳ ಲೋಕದಲ್ಲಿ ಮುಳ್ಳುಸೌತೆಯ ಬಳ್ಳಿಯೂ ಹಾಗೆಯೇ ಅಂತೆ. ಅದು ಪ್ರದಕ್ಷಿಣಾಕಾರವೂ ಸುತ್ತಬಲ್ಲದು, ಅಪ್ರದಕ್ಷಿಣಾಕಾರವಾಗಿಯೂ ಸುತ್ತಬಲ್ಲದು. 'ಉರ್ವಾರುಕಮಿವ ಬಂಧನಾತ್ ಮೃತ್ಯೋರ್ಮುಕ್ಷೀಯ ಮಾಮೃತಾತ್' ಎಂದು ಮೃತ್ಯುಂಜಯ ಮಹಾಮಂತ್ರದಲ್ಲಿ ಮುಳ್ಳುಸೌತೆ ಬಳ್ಳಿ ಇರುವುದಕ್ಕೂ ಈ ರೀತಿಯ ಸವ್ಯಸಾಚಿತನಕ್ಕೂ ಸಂಬಂಧವಿರಲಿಕ್ಕಿಲ್ಲ.

ಸರಿ, ಬಳ್ಳಿಯ ಸುತ್ತುವಿಕೆ ನೆವದಲ್ಲಿ 'ಇಷ್ಟೆಲ್ಲ ಸುತ್ತಾಡಿದೆವು. ಕೊನೆಗೊಂದು ಜಾಣ್ಮೆಲೆಕ್ಕದ ರೂಪದಲ್ಲಿ ಗಣಿತವನ್ನೂ ಎದುರುಗೊಳ್ಳದಿದ್ದರೆ ಹೇಗೆ? ಇಲ್ಲಿದೆ ನೋಡಿ ಬಳ್ಳಿಗಳ ಸುತ್ತುವಿಕೆಯ ಸುತ್ತಲೇ ಹೆಣೆದ ಒಂದು ಲೆಕ್ಕ. ಮಾಧವಿ ಮತ್ತು ಮಾಲತಿ ಎಂಬ ಎರಡು ಬಳ್ಳಿಗಳು ಒಂದು ಮರದ ಉದ್ದಗಲಕ್ಕೂ ಕಾಂಡವನ್ನು ಸುತ್ತುತ್ತಿವೆ ('ಪಟ್ಟಣಕ್ಕೆ ಬಂದ ಪತ್ನಿಯರು' ಸಿನಿಮಾದಲ್ಲಿದ್ದಂತೆ ಮರಕ್ಕೆ ಇಬ್ಬರು ಹೆಂಡತಿಯರೇ? ಗಂಗೆ-ಗೌರಿಯರನ್ನು ನಿಭಾಯಿಸಬೇಕಾದ ಶಿವನಂತೆ ಆ ಮರದ ಪಾಡೇ? ಅಂತೆಲ್ಲ ಯೋಚನೆ ಗೆಳೆಯಬೇಡಿ). ಮಾಧವಿಯು ಮರಕ್ಕೆ ಅಪ್ರದಕ್ಷಿಣಾಕಾರವಾಗಿಯೂ, ಮಾಲತಿಯು ಪ್ರದಕ್ಷಿಣಾಕಾರದಲ್ಲೂ ಸುತ್ತುತ್ತಿವೆ. ಮರದ ಬುಡದಲ್ಲಿ ಎರಡೂ ಬಳ್ಳಿಗಳೂ ಒಟ್ಟಿಗೇ ಬೆಳವಣಿಗೆ ಆರಂಭಿಸಿದರೂ ಮರದ ಮೊದಲ ರೆಂಬೆ ಮೂಡುವಲ್ಲಿರಗೆನ ಸ್ತಂಭದಂತಾ ಕಾಂಡವನ್ನು ಮಾಧವಿ ಐದು ಸಲ ಸುತ್ತಿದರೆ ಮಾಲತಿ ಮೂರು ಸುತ್ತುಗಳನ್ನು ಪೂರ್ಣಗೊಳಿಸಿದೆ. ನೀವೀಗ ಉತ್ತರಿಸಬೇಕಾದ್ದು: ಮಾಧವಿ ಮತ್ತು ಮಾಲತಿ, ಮರದ ಬುಡದ ಬಂದು ಮತ್ತು ರೆಂಬೆ ಮೂಡುವಲ್ಲಿಯ ಬಿಂದುಗಳನ್ನು ಹೊರತುಪಡಿಸಿ ಎಷ್ಟು ಸಲ ಪರಸ್ಪರ ಮುಖಾಮುಖಿಯಾಗುತ್ತವೆ?
